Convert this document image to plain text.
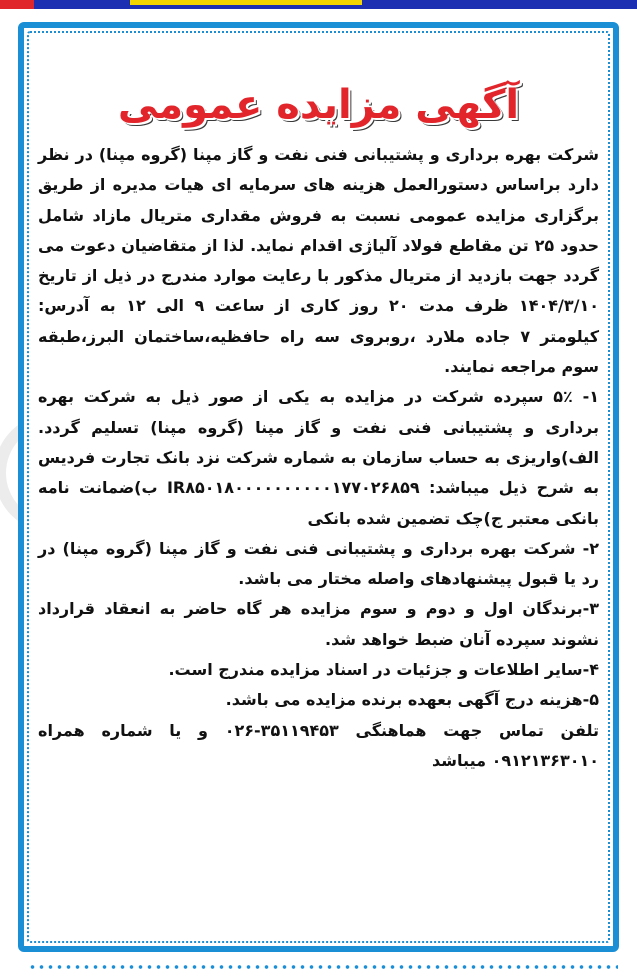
آگهی مزایده عمومی

شرکت بهره برداری و پشتیبانی فنی نفت و گاز مپنا (گروه مپنا) در نظر دارد براساس دستورالعمل هزینه های سرمایه ای هیات مدیره از طریق برگزاری مزایده عمومی نسبت به فروش مقداری متریال مازاد شامل حدود ۲۵ تن مقاطع فولاد آلیاژی اقدام نماید. لذا از متقاضیان دعوت می گردد جهت بازدید از متریال مذکور با رعایت موارد مندرج در ذیل از تاریخ ۱۴۰۴/۳/۱۰ ظرف مدت ۲۰ روز کاری از ساعت ۹ الی ۱۲ به آدرس: کیلومتر ۷ جاده ملارد ،روبروی سه راه حافظیه،ساختمان البرز،طبقه سوم مراجعه نمایند.

۱- ۵٪ سپرده شرکت در مزایده به یکی از صور ذیل به شرکت بهره برداری و پشتیبانی فنی نفت و گاز مپنا (گروه مپنا) تسلیم گردد. الف)واریزی به حساب سازمان به شماره شرکت نزد بانک تجارت فردیس به شرح ذیل میباشد: IR۸۵۰۱۸۰۰۰۰۰۰۰۰۰۰۱۷۷۰۲۶۸۵۹ ب)ضمانت نامه بانکی معتبر ج)چک تضمین شده بانکی

۲- شرکت بهره برداری و پشتیبانی فنی نفت و گاز مپنا (گروه مپنا) در رد یا قبول پیشنهادهای واصله مختار می باشد.

۳-برندگان اول و دوم و سوم مزایده هر گاه حاضر به انعقاد قرارداد نشوند سپرده آنان ضبط خواهد شد.

۴-سایر اطلاعات و جزئیات در اسناد مزایده مندرج است.

۵-هزینه درج آگهی بعهده برنده مزایده می باشد.

تلفن تماس جهت هماهنگی ۳۵۱۱۹۴۵۳-۰۲۶ و یا شماره همراه ۰۹۱۲۱۳۶۳۰۱۰ میباشد
